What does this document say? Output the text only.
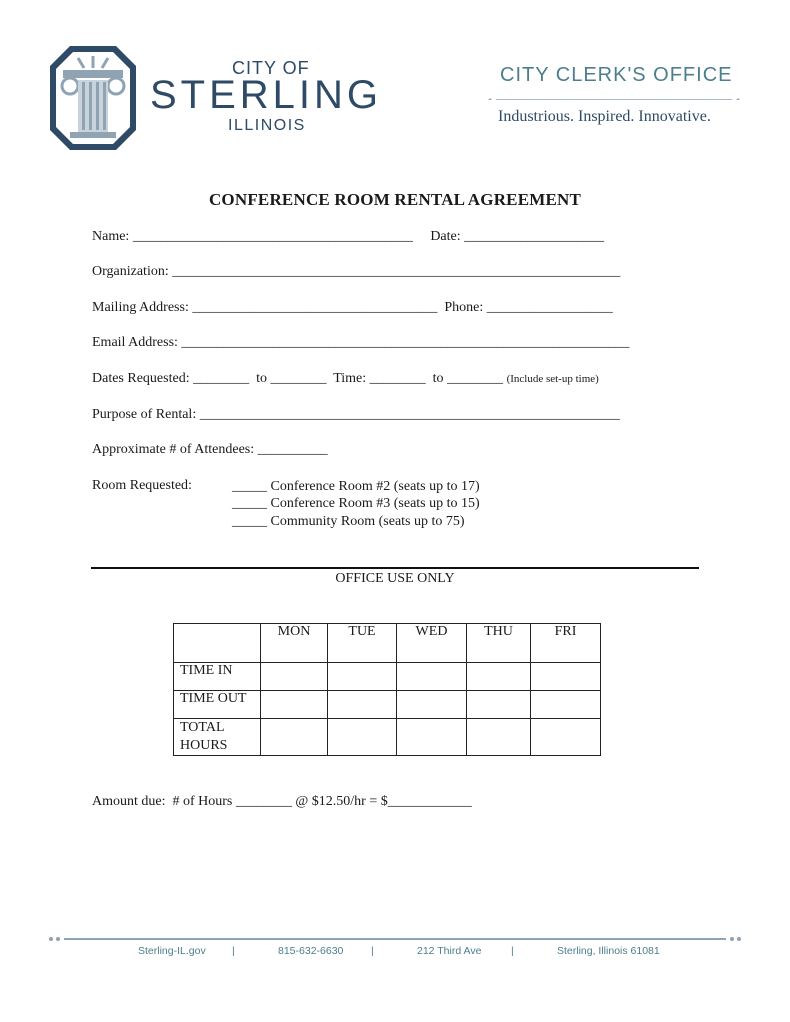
CITY OF
STERLING
ILLINOIS
CITY CLERK'S OFFICE
Industrious. Inspired. Innovative.
CONFERENCE ROOM RENTAL AGREEMENT
Name: ________________________________________     Date: ____________________
Organization: ________________________________________________________________
Mailing Address: ___________________________________  Phone: __________________
Email Address: ________________________________________________________________
Dates Requested: ________  to ________  Time: ________  to ________ (Include set-up time)
Purpose of Rental: ____________________________________________________________
Approximate # of Attendees: __________
Room Requested:	_____ Conference Room #2 (seats up to 17)
_____ Conference Room #3 (seats up to 15)
_____ Community Room (seats up to 75)
OFFICE USE ONLY
	MON	TUE	WED	THU	FRI
TIME IN					
TIME OUT					
TOTAL HOURS					
Amount due:  # of Hours ________ @ $12.50/hr = $____________
Sterling-IL.gov	|	815-632-6630	|	212 Third Ave	|	Sterling, Illinois 61081
